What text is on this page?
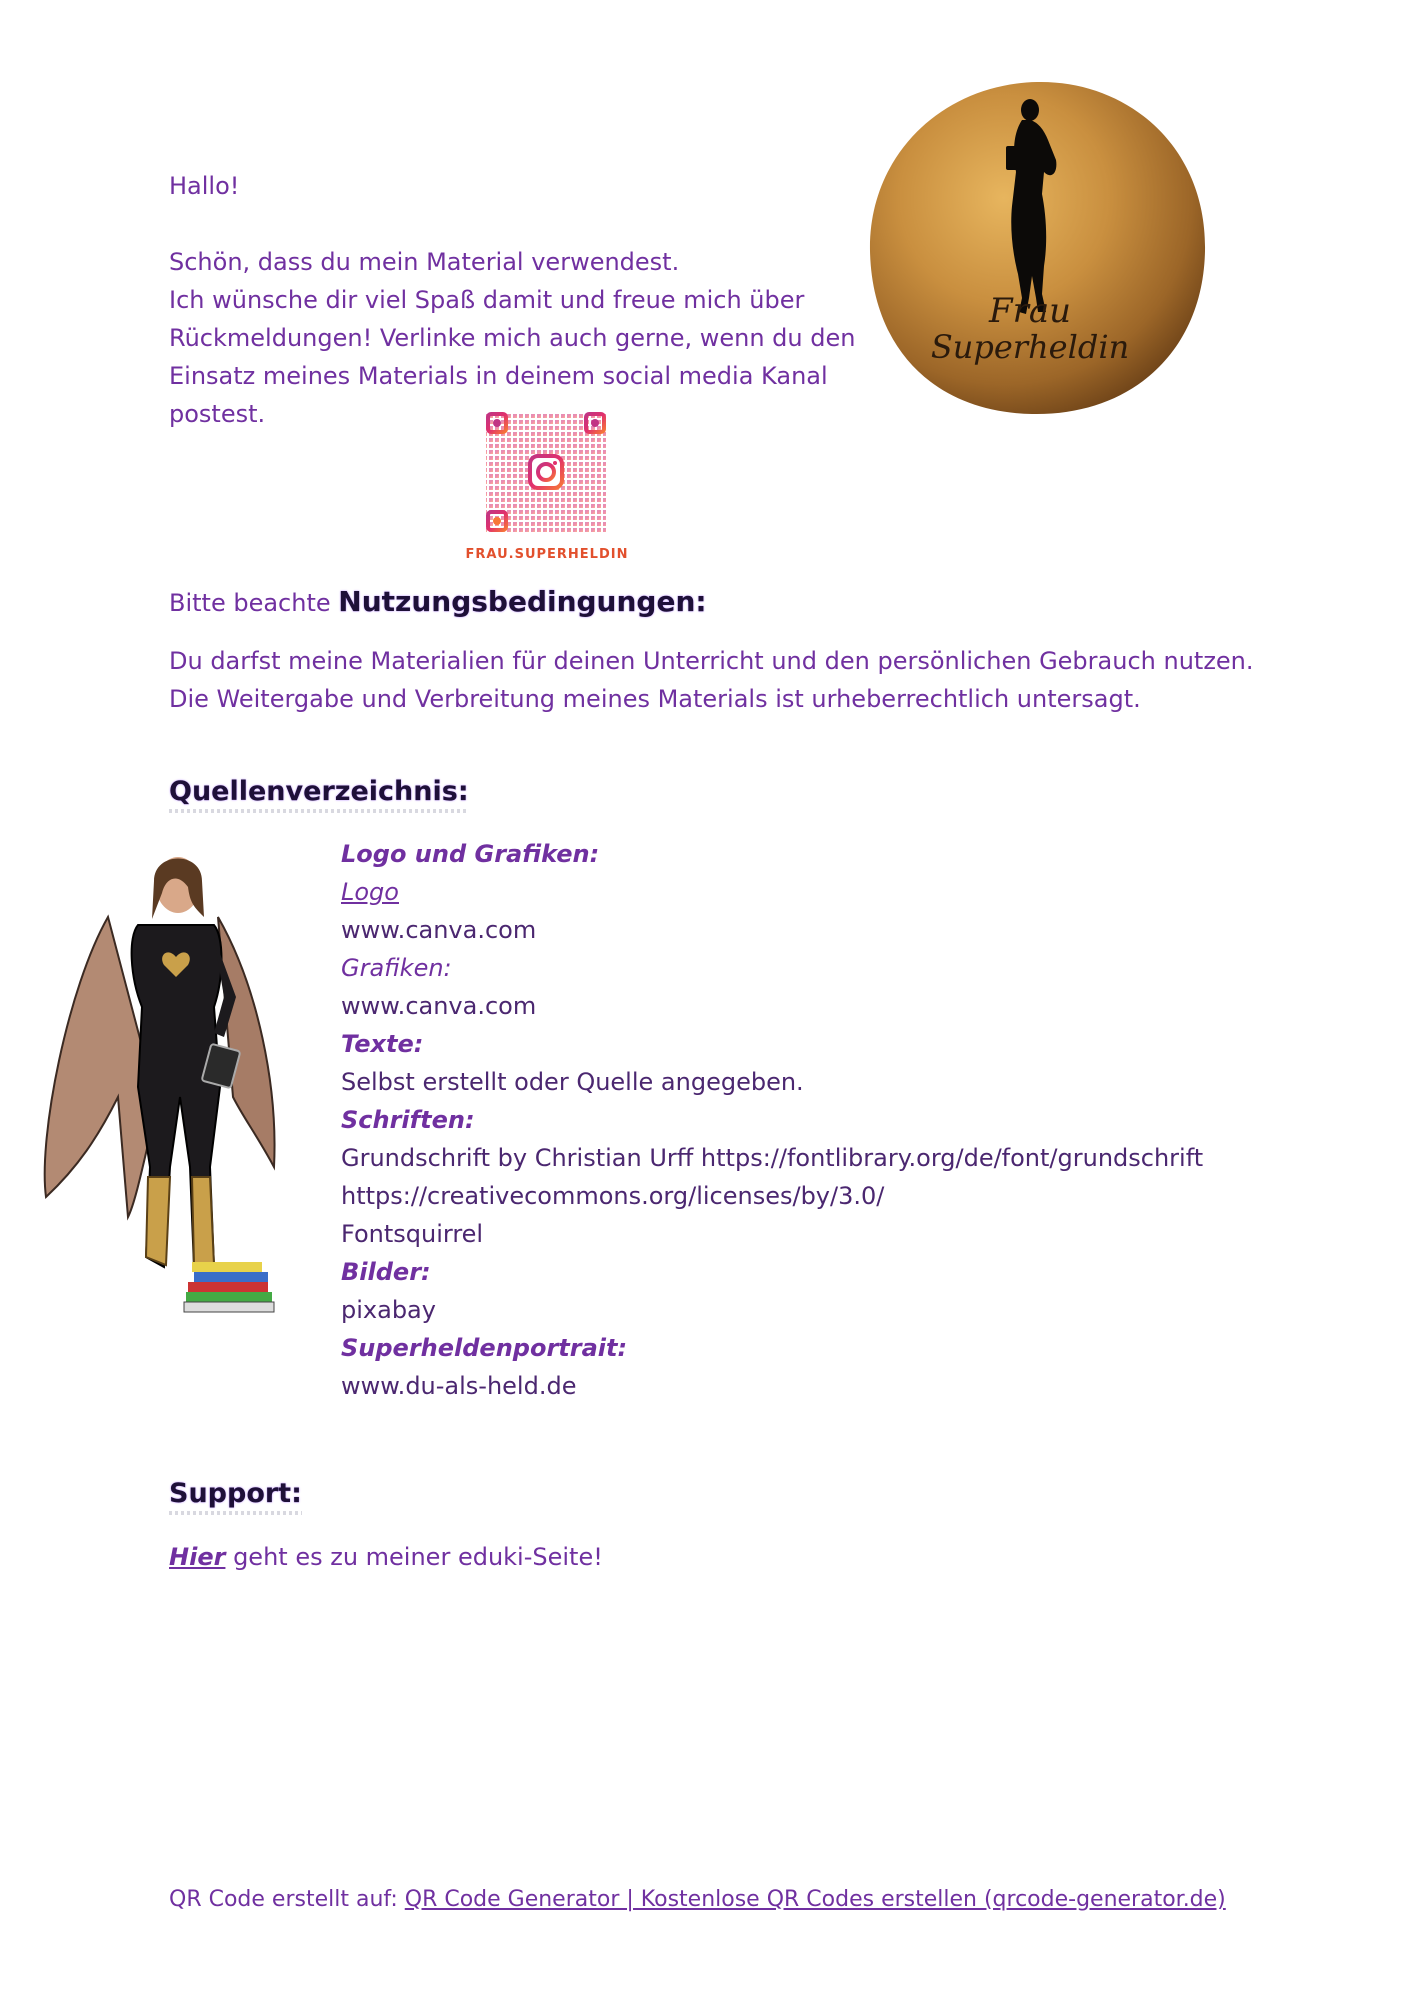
Hallo!

Schön, dass du mein Material verwendest.

Ich wünsche dir viel Spaß damit und freue mich über

Rückmeldungen! Verlinke mich auch gerne, wenn du den

Einsatz meines Materials in deinem social media Kanal postest.

Frau
Superheldin
FRAU.SUPERHELDIN
Bitte beachte Nutzungsbedingungen:

Du darfst meine Materialien für deinen Unterricht und den persönlichen Gebrauch nutzen.

Die Weitergabe und Verbreitung meines Materials ist urheberrechtlich untersagt.

Quellenverzeichnis:

Logo und Grafiken:

Logo

www.canva.com

Grafiken:

www.canva.com

Texte:

Selbst erstellt oder Quelle angegeben.

Schriften:

Grundschrift by Christian Urff https://fontlibrary.org/de/font/grundschrift

https://creativecommons.org/licenses/by/3.0/

Fontsquirrel

Bilder:

pixabay

Superheldenportrait:

www.du-als-held.de

Support:
Hier geht es zu meiner eduki-Seite!
QR Code erstellt auf: QR Code Generator | Kostenlose QR Codes erstellen (qrcode-generator.de)
